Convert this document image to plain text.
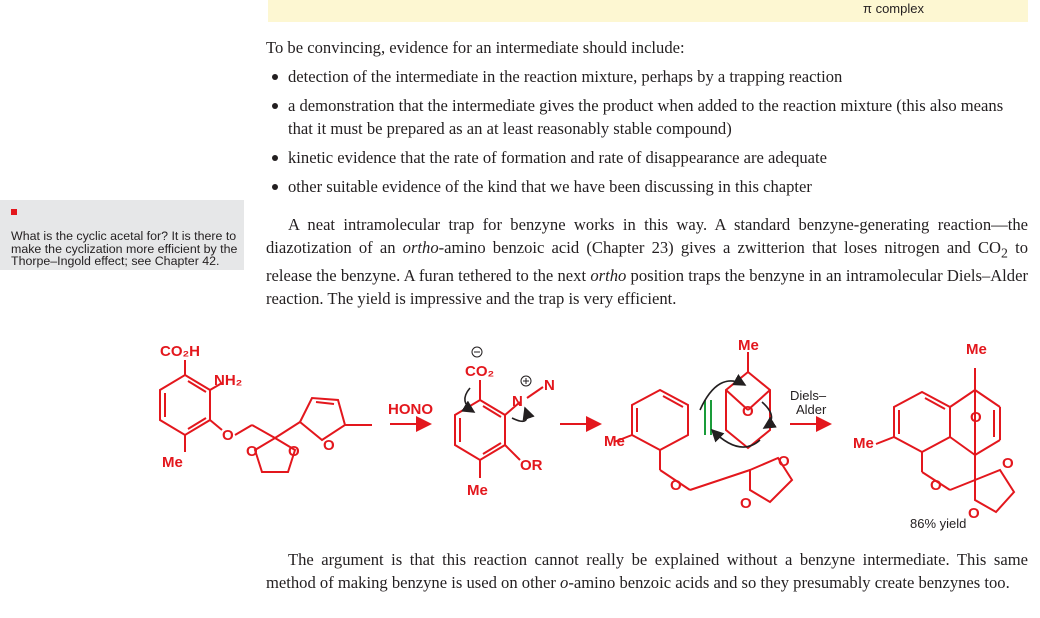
π complex

To be convincing, evidence for an intermediate should include:

detection of the intermediate in the reaction mixture, perhaps by a trapping reaction
a demonstration that the intermediate gives the product when added to the reaction mixture (this also means that it must be prepared as an at least reasonably stable compound)
kinetic evidence that the rate of formation and rate of disappearance are adequate
other suitable evidence of the kind that we have been discussing in this chapter

A neat intramolecular trap for benzyne works in this way. A standard benzyne-generating reaction—the diazotization of an ortho-amino benzoic acid (Chapter 23) gives a zwitterion that loses nitrogen and $CO_2$ to release the benzyne. A furan tethered to the next ortho position traps the benzyne in an intramolecular Diels–Alder reaction. The yield is impressive and the trap is very efficient.

What is the cyclic acetal for? It is there to make the cyclization more efficient by the Thorpe–Ingold effect; see Chapter 42.
CO₂H
NH₂
Me
O
O O O
HONO
CO₂
N
N
OR
Me
Me
Me
O
O
O
O
Diels–
Alder
Me
Me
O
O
O
O
86% yield

The argument is that this reaction cannot really be explained without a benzyne intermediate. This same method of making benzyne is used on other o-amino benzoic acids and so they presumably create benzynes too.
